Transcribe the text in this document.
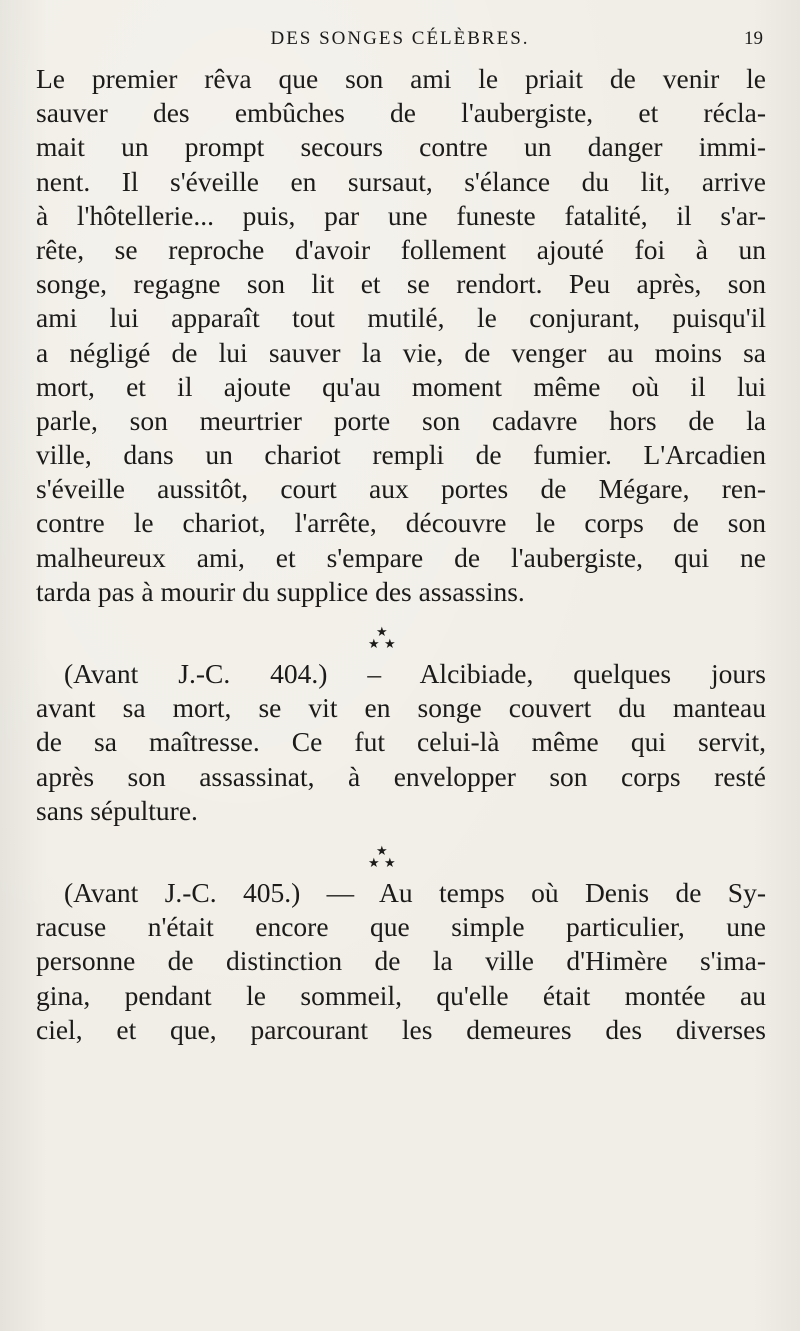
DES SONGES CÉLÈBRES.	19
Le premier rêva que son ami le priait de venir le
sauver des embûches de l'aubergiste, et récla-
mait un prompt secours contre un danger immi-
nent. Il s'éveille en sursaut, s'élance du lit, arrive
à l'hôtellerie... puis, par une funeste fatalité, il s'ar-
rête, se reproche d'avoir follement ajouté foi à un
songe, regagne son lit et se rendort. Peu après, son
ami lui apparaît tout mutilé, le conjurant, puisqu'il
a négligé de lui sauver la vie, de venger au moins sa
mort, et il ajoute qu'au moment même où il lui
parle, son meurtrier porte son cadavre hors de la
ville, dans un chariot rempli de fumier. L'Arcadien
s'éveille aussitôt, court aux portes de Mégare, ren-
contre le chariot, l'arrête, découvre le corps de son
malheureux ami, et s'empare de l'aubergiste, qui ne
tarda pas à mourir du supplice des assassins.
★
★ ★
(Avant J.-C. 404.) – Alcibiade, quelques jours
avant sa mort, se vit en songe couvert du manteau
de sa maîtresse. Ce fut celui-là même qui servit,
après son assassinat, à envelopper son corps resté
sans sépulture.
★
★ ★
(Avant J.-C. 405.) — Au temps où Denis de Sy-
racuse n'était encore que simple particulier, une
personne de distinction de la ville d'Himère s'ima-
gina, pendant le sommeil, qu'elle était montée au
ciel, et que, parcourant les demeures des diverses
